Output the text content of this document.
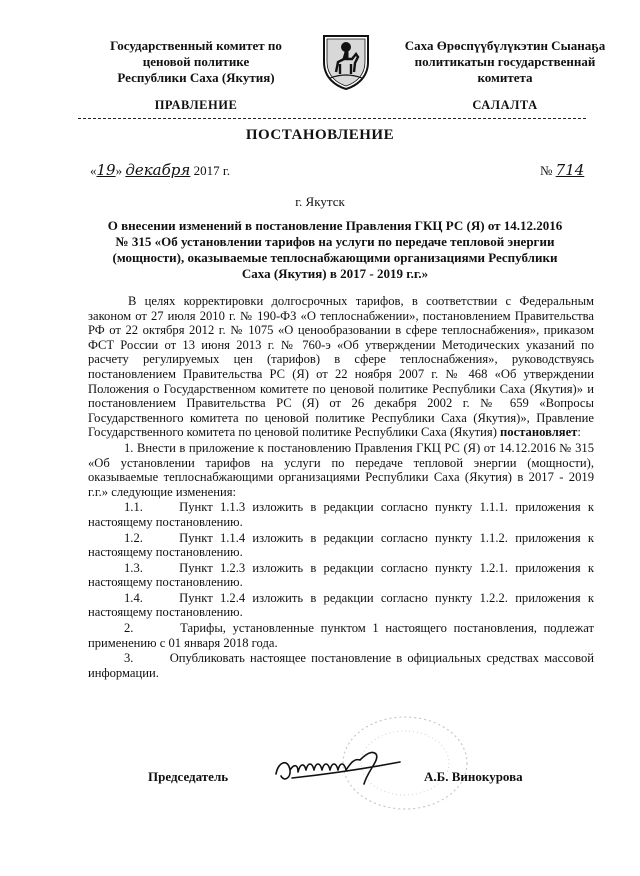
Государственный комитет по
ценовой политике
Республики Саха (Якутия)
Саха Өрөспүүбүлүкэтин Сыанаҕа
политикатын государственнай
комитета
ПРАВЛЕНИЕ	САЛАЛТА
ПОСТАНОВЛЕНИЕ
«19» декабря 2017 г.	№ 714
г. Якутск
О внесении изменений в постановление Правления ГКЦ РС (Я) от 14.12.2016 № 315 «Об установлении тарифов на услуги по передаче тепловой энергии (мощности), оказываемые теплоснабжающими организациями Республики Саха (Якутия) в 2017 - 2019 г.г.»

В целях корректировки долгосрочных тарифов, в соответствии с Федеральным законом от 27 июля 2010 г. № 190-ФЗ «О теплоснабжении», постановлением Правительства РФ от 22 октября 2012 г. № 1075 «О ценообразовании в сфере теплоснабжения», приказом ФСТ России от 13 июня 2013 г. № 760-э «Об утверждении Методических указаний по расчету регулируемых цен (тарифов) в сфере теплоснабжения», руководствуясь постановлением Правительства РС (Я) от 22 ноября 2007 г. № 468 «Об утверждении Положения о Государственном комитете по ценовой политике Республики Саха (Якутия)» и постановлением Правительства РС (Я) от 26 декабря 2002 г. № 659 «Вопросы Государственного комитета по ценовой политике Республики Саха (Якутия)», Правление Государственного комитета по ценовой политике Республики Саха (Якутия) постановляет:

1. Внести в приложение к постановлению Правления ГКЦ РС (Я) от 14.12.2016 № 315 «Об установлении тарифов на услуги по передаче тепловой энергии (мощности), оказываемые теплоснабжающими организациями Республики Саха (Якутия) в 2017 - 2019 г.г.» следующие изменения:

1.1.	Пункт 1.1.3 изложить в редакции согласно пункту 1.1.1. приложения к настоящему постановлению.

1.2.	Пункт 1.1.4 изложить в редакции согласно пункту 1.1.2. приложения к настоящему постановлению.

1.3.	Пункт 1.2.3 изложить в редакции согласно пункту 1.2.1. приложения к настоящему постановлению.

1.4.	Пункт 1.2.4 изложить в редакции согласно пункту 1.2.2. приложения к настоящему постановлению.

2.	Тарифы, установленные пунктом 1 настоящего постановления, подлежат применению с 01 января 2018 года.

3.	Опубликовать настоящее постановление в официальных средствах массовой информации.

Председатель	А.Б. Винокурова
